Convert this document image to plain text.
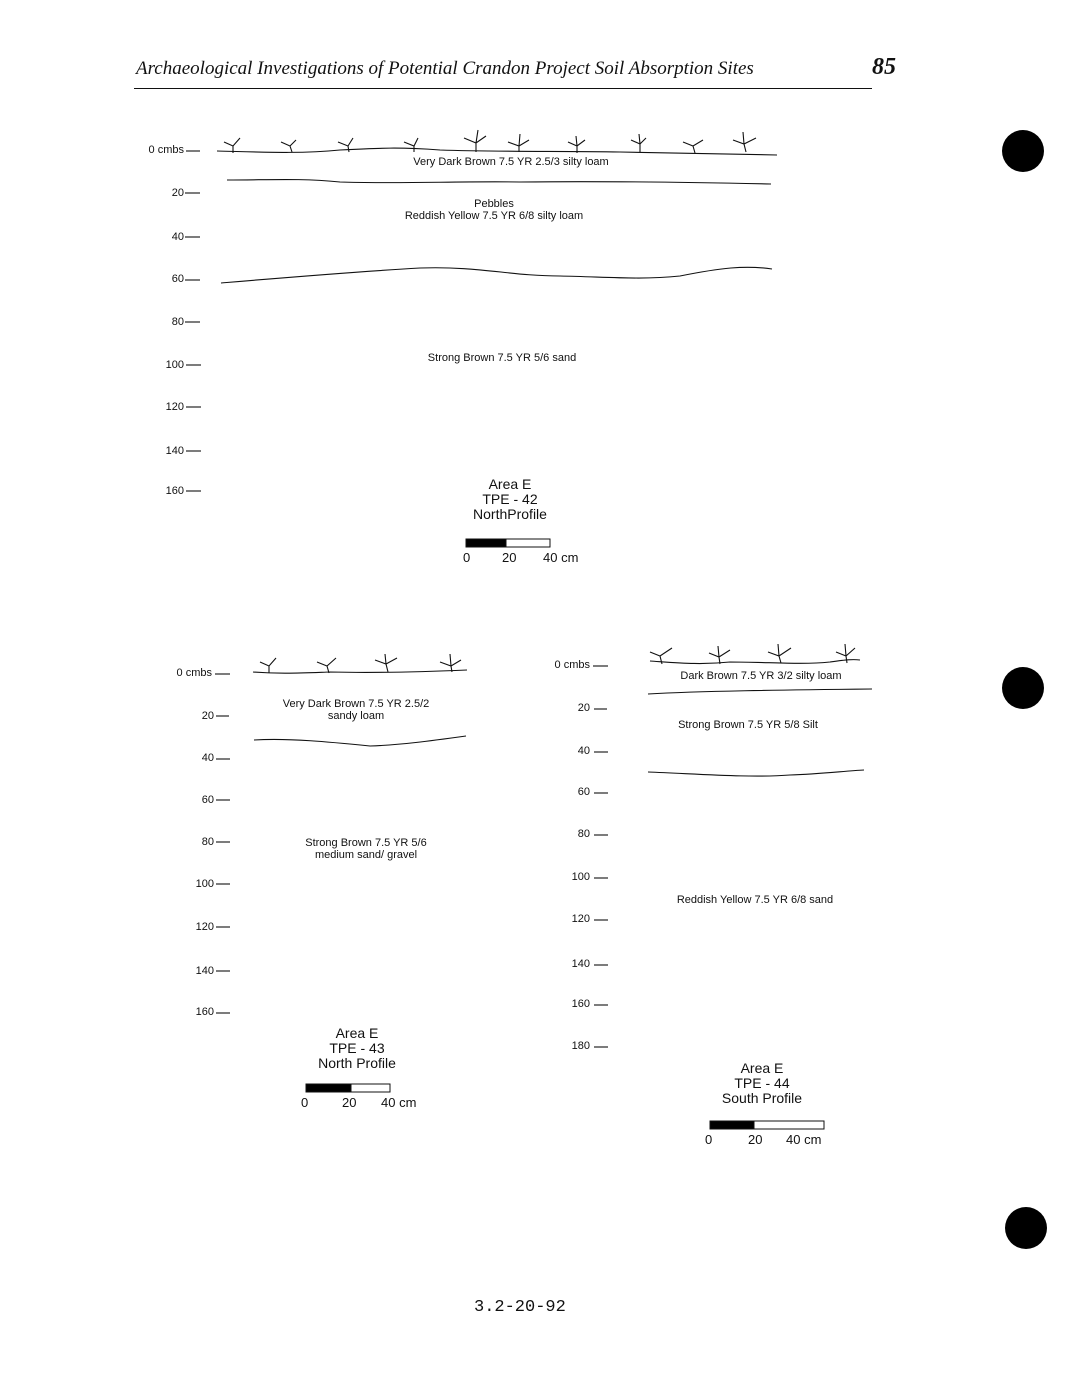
Archaeological Investigations of Potential Crandon Project Soil Absorption Sites	85
0 cmbs
20
40
60
80
100
120
140
160
Very Dark Brown 7.5 YR 2.5/3 silty loam
Pebbles
Reddish Yellow 7.5 YR 6/8 silty loam
Strong Brown 7.5 YR 5/6 sand
Area E
TPE - 42
NorthProfile
0 20 40 cm
0 cmbs
20
40
60
80
100
120
140
160
Very Dark Brown 7.5 YR 2.5/2
sandy loam
Strong Brown 7.5 YR 5/6
medium sand/ gravel
Area E
TPE - 43
North Profile
0	20 40 cm
0 cmbs
20
40
60
80
100
120
140
160
180
Dark Brown 7.5 YR 3/2 silty loam
Strong Brown 7.5 YR 5/8 Silt
Reddish Yellow 7.5 YR 6/8 sand
Area E
TPE - 44
South Profile
0	20 40 cm
3.2-20-92
